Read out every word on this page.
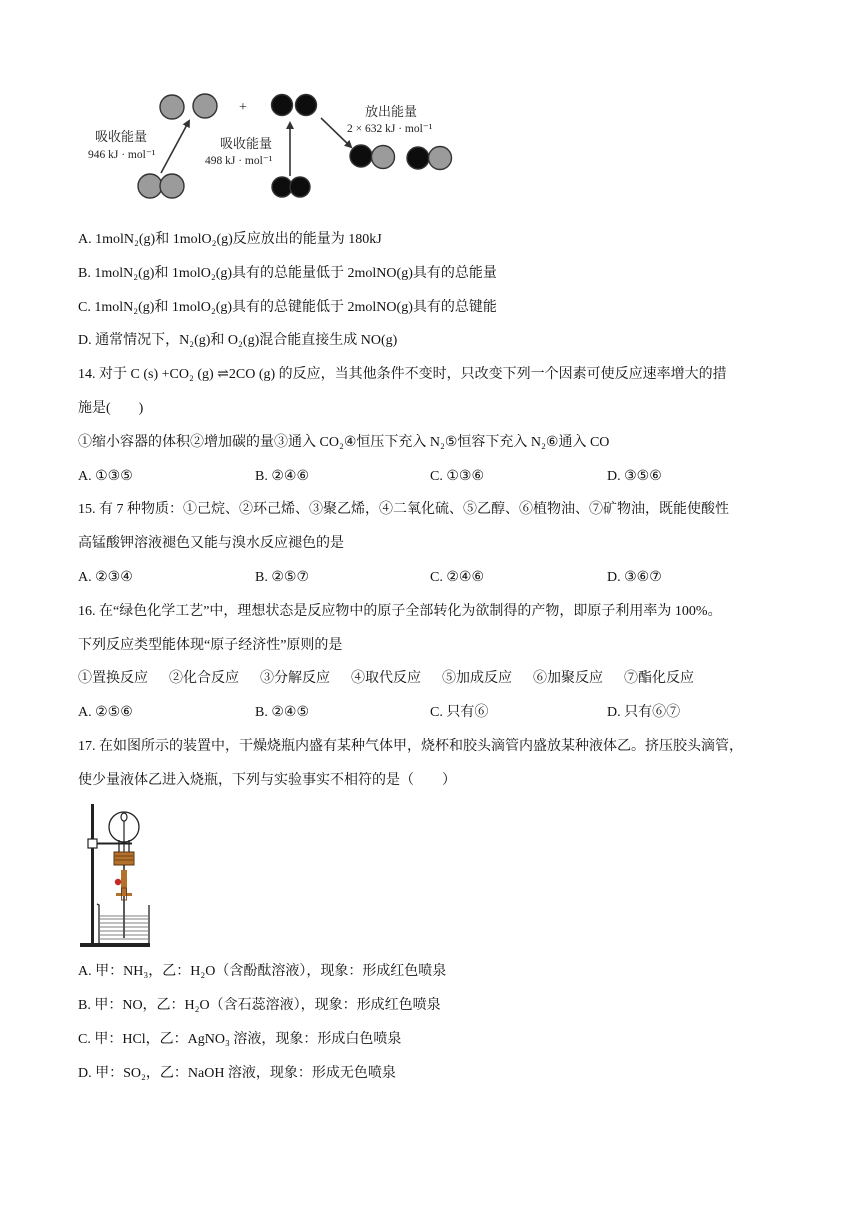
+	放出能量
2 × 632 kJ · mol⁻¹
吸收能量
946 kJ · mol⁻¹
吸收能量
498 kJ · mol⁻¹
A. 1molN₂(g)和 1molO₂(g)反应放出的能量为 180kJ
B. 1molN₂(g)和 1molO₂(g)具有的总能量低于 2molNO(g)具有的总能量
C. 1molN₂(g)和 1molO₂(g)具有的总键能低于 2molNO(g)具有的总键能
D. 通常情况下，N₂(g)和 O₂(g)混合能直接生成 NO(g)
14. 对于 C (s) +CO₂ (g) ⇌2CO (g) 的反应，当其他条件不变时，只改变下列一个因素可使反应速率增大的措
施是(　　)
①缩小容器的体积②增加碳的量③通入 CO₂④恒压下充入 N₂⑤恒容下充入 N₂⑥通入 CO
A. ①③⑤	B. ②④⑥	C. ①③⑥	D. ③⑤⑥
15. 有 7 种物质：①己烷、②环己烯、③聚乙烯，④二氧化硫、⑤乙醇、⑥植物油、⑦矿物油，既能使酸性
高锰酸钾溶液褪色又能与溴水反应褪色的是
A. ②③④	B. ②⑤⑦	C. ②④⑥	D. ③⑥⑦
16. 在“绿色化学工艺”中，理想状态是反应物中的原子全部转化为欲制得的产物，即原子利用率为 100%。
下列反应类型能体现“原子经济性”原则的是
①置换反应	②化合反应	③分解反应	④取代反应	⑤加成反应	⑥加聚反应	⑦酯化反应
A. ②⑤⑥	B. ②④⑤	C. 只有⑥	D. 只有⑥⑦
17. 在如图所示的装置中，干燥烧瓶内盛有某种气体甲，烧杯和胶头滴管内盛放某种液体乙。挤压胶头滴管，
使少量液体乙进入烧瓶，下列与实验事实不相符的是（　　）
A. 甲：NH₃，乙：H₂O（含酚酞溶液），现象：形成红色喷泉
B. 甲：NO，乙：H₂O（含石蕊溶液），现象：形成红色喷泉
C. 甲：HCl，乙：AgNO₃ 溶液，现象：形成白色喷泉
D. 甲：SO₂，乙：NaOH 溶液，现象：形成无色喷泉
